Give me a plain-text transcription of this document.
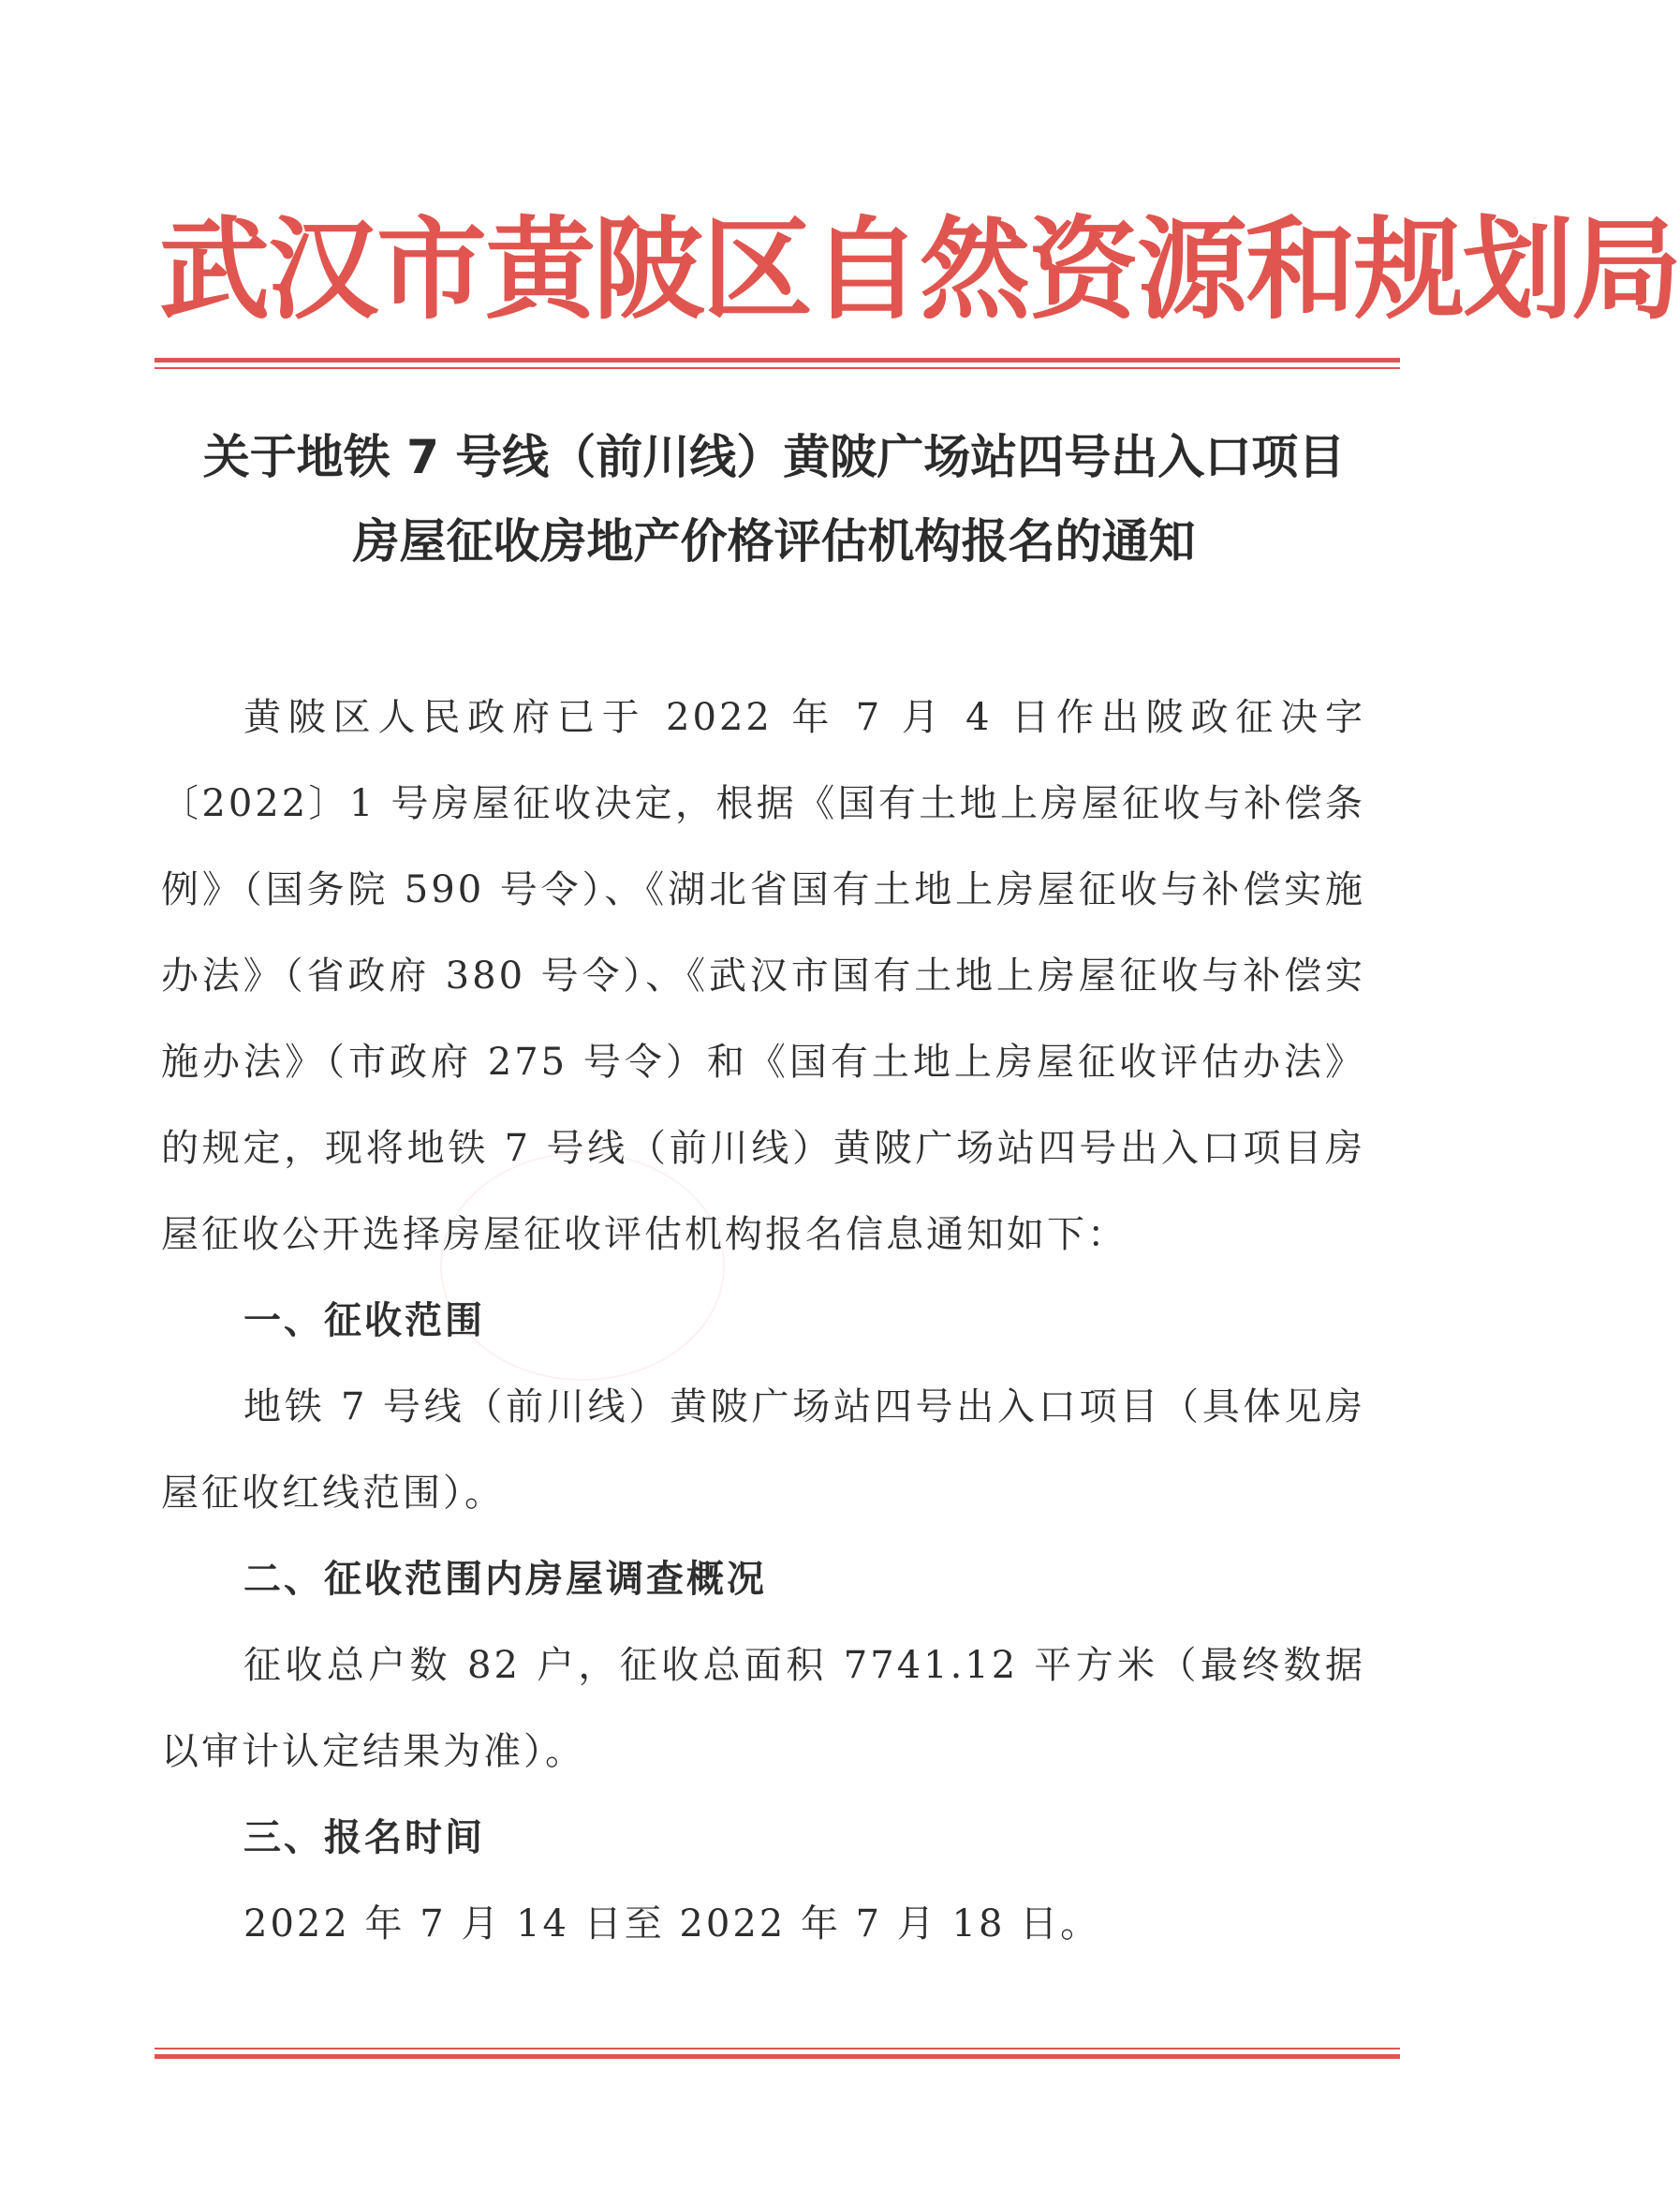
武汉市黄陂区自然资源和规划局
关于地铁 7 号线（前川线）黄陂广场站四号出入口项目
房屋征收房地产价格评估机构报名的通知

黄陂区人民政府已于 2022 年 7 月 4 日作出陂政征决字〔2022〕1 号房屋征收决定，根据《国有土地上房屋征收与补偿条例》（国务院 590 号令）、《湖北省国有土地上房屋征收与补偿实施办法》（省政府 380 号令）、《武汉市国有土地上房屋征收与补偿实施办法》（市政府 275 号令）和《国有土地上房屋征收评估办法》的规定，现将地铁 7 号线（前川线）黄陂广场站四号出入口项目房屋征收公开选择房屋征收评估机构报名信息通知如下：

一、征收范围

地铁 7 号线（前川线）黄陂广场站四号出入口项目（具体见房屋征收红线范围）。

二、征收范围内房屋调查概况

征收总户数 82 户，征收总面积 7741.12 平方米（最终数据以审计认定结果为准）。

三、报名时间

2022 年 7 月 14 日至 2022 年 7 月 18 日。
